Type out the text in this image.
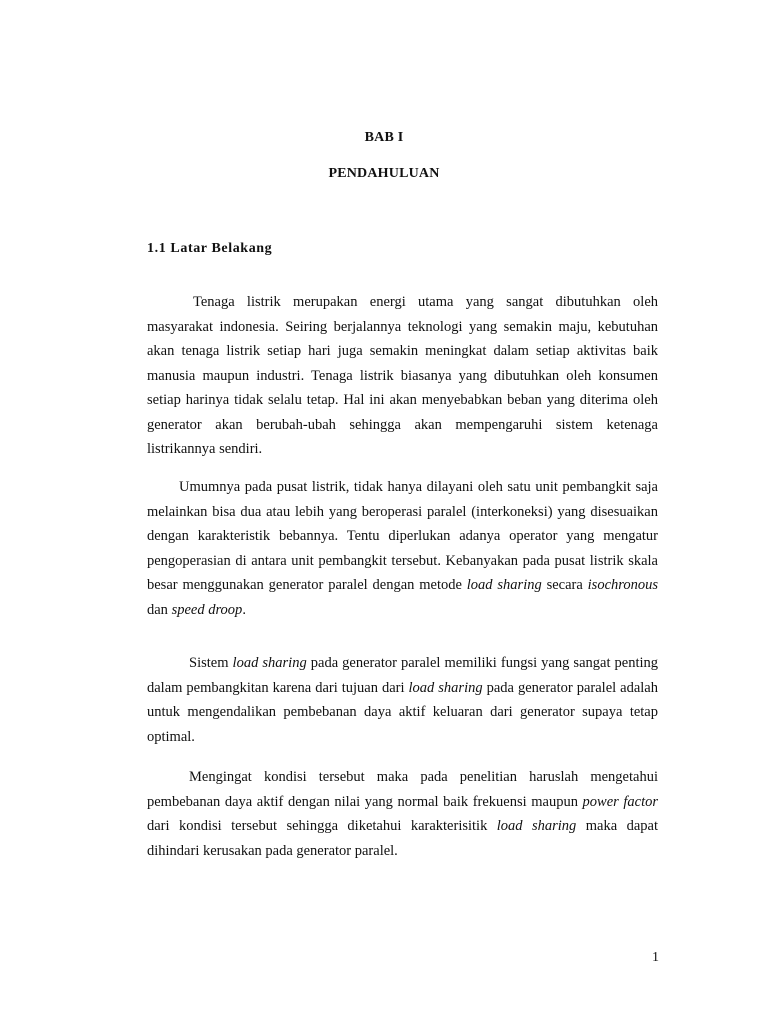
BAB I
PENDAHULUAN
1.1 Latar Belakang

Tenaga listrik merupakan energi utama yang sangat dibutuhkan oleh masyarakat indonesia. Seiring berjalannya teknologi yang semakin maju, kebutuhan akan tenaga listrik setiap hari juga semakin meningkat dalam setiap aktivitas baik manusia maupun industri. Tenaga listrik biasanya yang dibutuhkan oleh konsumen setiap harinya tidak selalu tetap. Hal ini akan menyebabkan beban yang diterima oleh generator akan berubah-ubah sehingga akan mempengaruhi sistem ketenaga listrikannya sendiri.

Umumnya pada pusat listrik, tidak hanya dilayani oleh satu unit pembangkit saja melainkan bisa dua atau lebih yang beroperasi paralel (interkoneksi) yang disesuaikan dengan karakteristik bebannya. Tentu diperlukan adanya operator yang mengatur pengoperasian di antara unit pembangkit tersebut. Kebanyakan pada pusat listrik skala besar menggunakan generator paralel dengan metode load sharing secara isochronous dan speed droop.

Sistem load sharing pada generator paralel memiliki fungsi yang sangat penting dalam pembangkitan karena dari tujuan dari load sharing pada generator paralel adalah untuk mengendalikan pembebanan daya aktif keluaran dari generator supaya tetap optimal.

Mengingat kondisi tersebut maka pada penelitian haruslah mengetahui pembebanan daya aktif dengan nilai yang normal baik frekuensi maupun power factor dari kondisi tersebut sehingga diketahui karakterisitik load sharing maka dapat dihindari kerusakan pada generator paralel.

1
